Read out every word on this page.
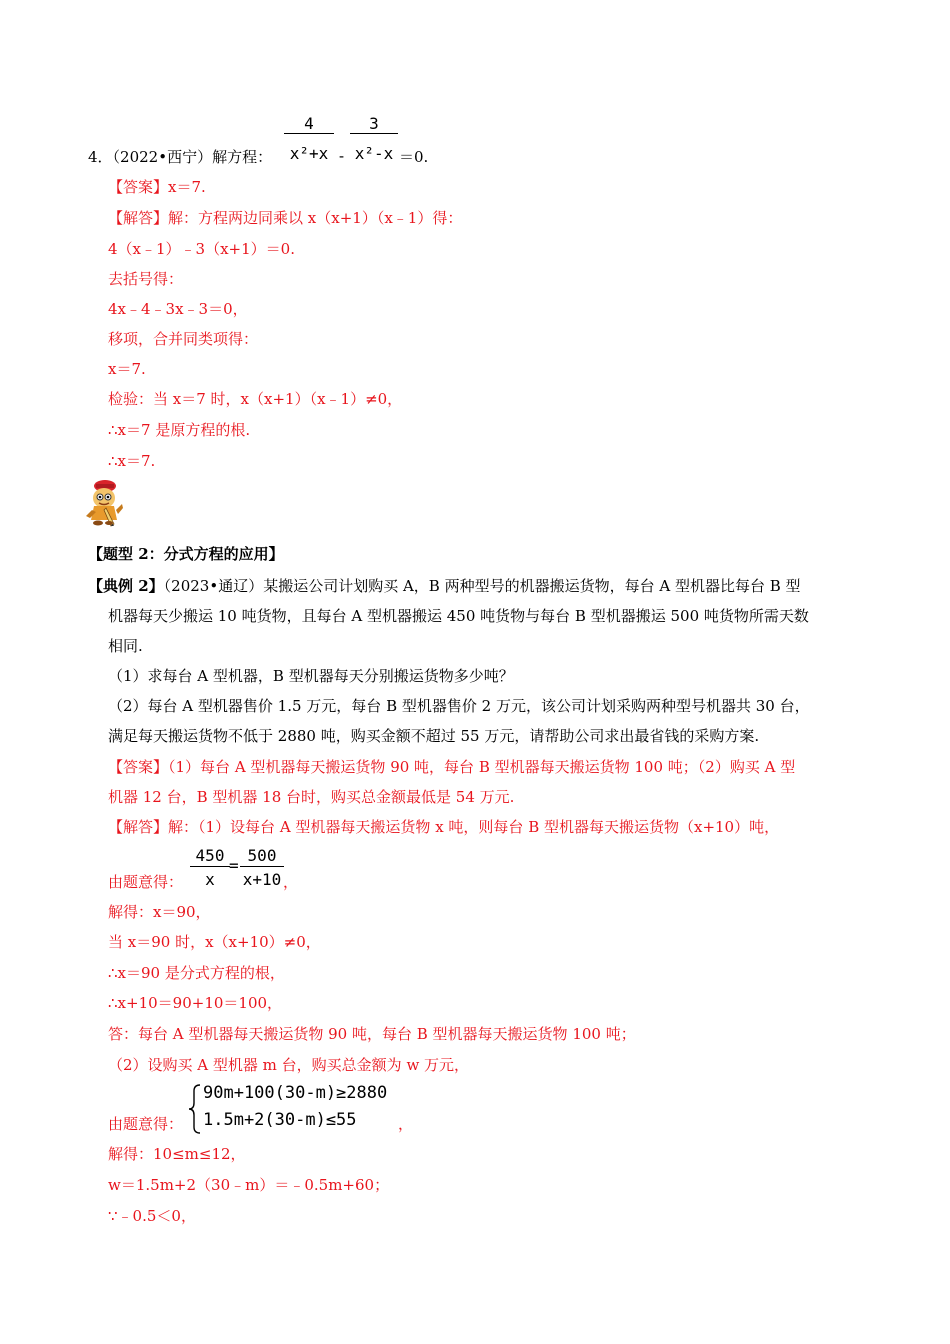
4．（2022•西宁）解方程：
4
x²+x -
3
x²-x ＝0.
【答案】x＝7.
【解答】解：方程两边同乘以 x（x+1）（x﹣1）得：
4（x﹣1）﹣3（x+1）＝0.
去括号得：
4x﹣4﹣3x﹣3＝0，
移项，合并同类项得：
x＝7.
检验：当 x＝7 时，x（x+1）（x﹣1）≠0，
∴x＝7 是原方程的根.
∴x＝7.
【题型 2：分式方程的应用】
【典例 2】（2023•通辽）某搬运公司计划购买 A，B 两种型号的机器搬运货物，每台 A 型机器比每台 B 型
机器每天少搬运 10 吨货物，且每台 A 型机器搬运 450 吨货物与每台 B 型机器搬运 500 吨货物所需天数
相同.
（1）求每台 A 型机器，B 型机器每天分别搬运货物多少吨？
（2）每台 A 型机器售价 1.5 万元，每台 B 型机器售价 2 万元，该公司计划采购两种型号机器共 30 台，
满足每天搬运货物不低于 2880 吨，购买金额不超过 55 万元，请帮助公司求出最省钱的采购方案.
【答案】（1）每台 A 型机器每天搬运货物 90 吨，每台 B 型机器每天搬运货物 100 吨；（2）购买 A 型
机器 12 台，B 型机器 18 台时，购买总金额最低是 54 万元.
【解答】解：（1）设每台 A 型机器每天搬运货物 x 吨，则每台 B 型机器每天搬运货物（x+10）吨，
由题意得：
450
x
=
500
x+10 ，
解得：x＝90，
当 x＝90 时，x（x+10）≠0，
∴x＝90 是分式方程的根，
∴x+10＝90+10＝100，
答：每台 A 型机器每天搬运货物 90 吨，每台 B 型机器每天搬运货物 100 吨；
（2）设购买 A 型机器 m 台，购买总金额为 w 万元，
由题意得：
90m+100(30-m)≥2880
1.5m+2(30-m)≤55	，
解得：10≤m≤12，
w＝1.5m+2（30﹣m）＝﹣0.5m+60；
∵﹣0.5＜0，
